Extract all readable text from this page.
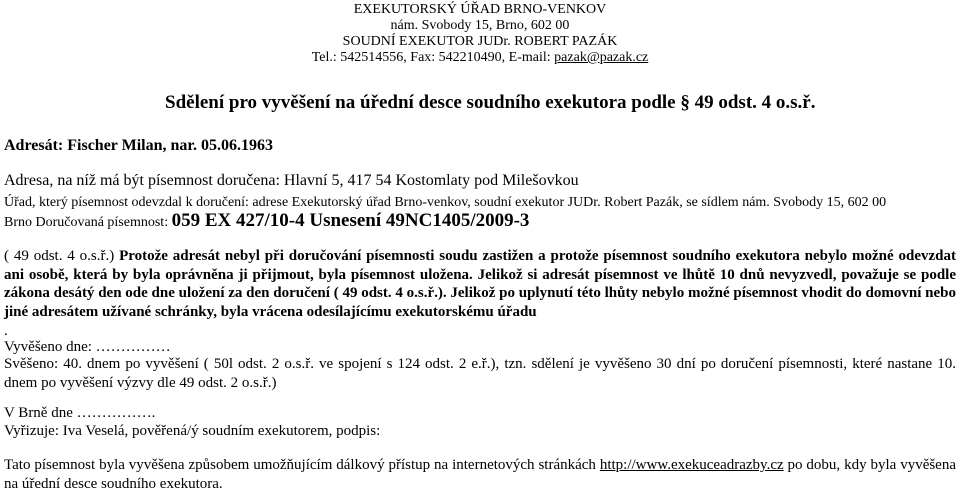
EXEKUTORSKÝ ÚŘAD BRNO-VENKOV
nám. Svobody 15, Brno, 602 00
SOUDNÍ EXEKUTOR JUDr. ROBERT PAZÁK
Tel.: 542514556, Fax: 542210490, E-mail: pazak@pazak.cz
Sdělení pro vyvěšení na úřední desce soudního exekutora podle § 49 odst. 4 o.s.ř.
Adresát: Fischer Milan, nar. 05.06.1963
Adresa, na níž má být písemnost doručena: Hlavní 5, 417 54 Kostomlaty pod Milešovkou
Úřad, který písemnost odevzdal k doručení: adrese Exekutorský úřad Brno-venkov, soudní exekutor JUDr. Robert Pazák, se sídlem nám. Svobody 15, 602 00
Brno Doručovaná písemnost: 059 EX 427/10-4 Usnesení 49NC1405/2009-3
( 49 odst. 4 o.s.ř.) Protože adresát nebyl při doručování písemnosti soudu zastižen a protože písemnost soudního exekutora nebylo možné odevzdat ani osobě, která by byla oprávněna ji přijmout, byla písemnost uložena. Jelikož si adresát písemnost ve lhůtě 10 dnů nevyzvedl, považuje se podle zákona desátý den ode dne uložení za den doručení ( 49 odst. 4 o.s.ř.). Jelikož po uplynutí této lhůty nebylo možné písemnost vhodit do domovní nebo jiné adresátem užívané schránky, byla vrácena odesílajícímu exekutorskému úřadu
.
Vyvěšeno dne: ……………
Svěšeno: 40. dnem po vyvěšení ( 50l odst. 2 o.s.ř. ve spojení s 124 odst. 2 e.ř.), tzn. sdělení je vyvěšeno 30 dní po doručení písemnosti, které nastane 10. dnem po vyvěšení výzvy dle 49 odst. 2 o.s.ř.)
V Brně dne …………….
Vyřizuje: Iva Veselá, pověřená/ý soudním exekutorem, podpis:
Tato písemnost byla vyvěšena způsobem umožňujícím dálkový přístup na internetových stránkách http://www.exekuceadrazby.cz po dobu, kdy byla vyvěšena na úřední desce soudního exekutora.
